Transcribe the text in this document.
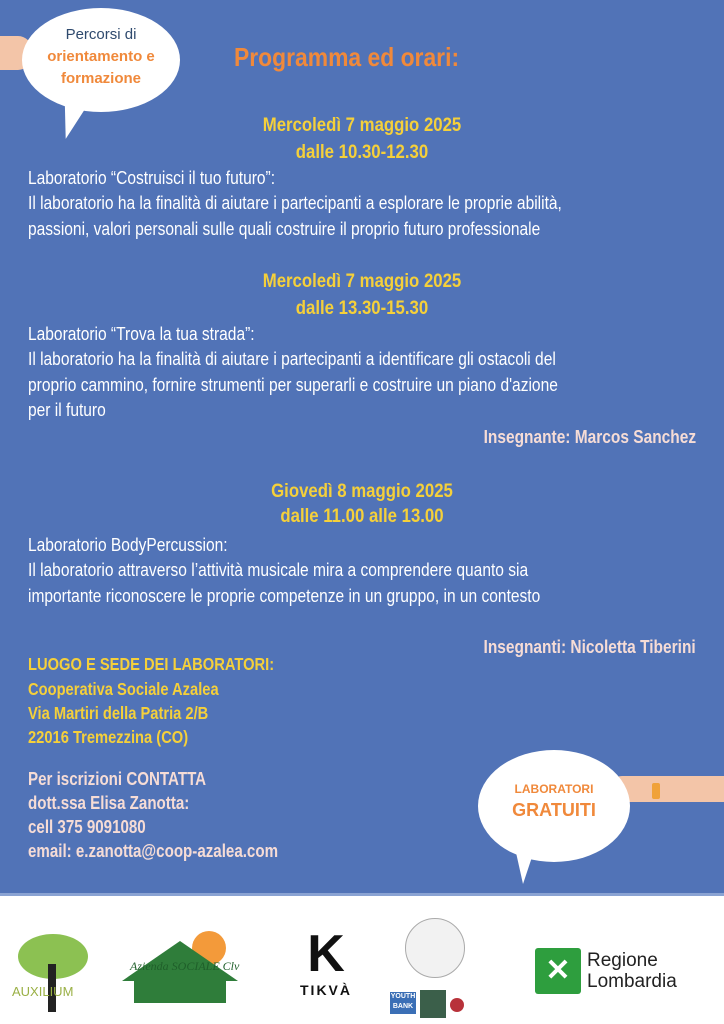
Percorsi di
orientamento e
formazione
Programma ed orari:
Mercoledì 7 maggio 2025
dalle 10.30-12.30
Laboratorio “Costruisci il tuo futuro”:
Il laboratorio ha la finalità di aiutare i partecipanti a esplorare le proprie abilità,
passioni, valori personali sulle quali costruire il proprio futuro professionale
Mercoledì 7 maggio 2025
dalle 13.30-15.30
Laboratorio “Trova la tua strada”:
Il laboratorio ha la finalità di aiutare i partecipanti a identificare gli ostacoli del
proprio cammino, fornire strumenti per superarli e costruire un piano d'azione
per il futuro
Insegnante: Marcos Sanchez
Giovedì 8 maggio 2025
dalle 11.00 alle 13.00
Laboratorio BodyPercussion:
Il laboratorio attraverso l’attività musicale mira a comprendere quanto sia
importante riconoscere le proprie competenze in un gruppo, in un contesto
Insegnanti: Nicoletta Tiberini
LUOGO E SEDE DEI LABORATORI:
Cooperativa Sociale Azalea
Via Martiri della Patria 2/B
22016 Tremezzina (CO)
Per iscrizioni CONTATTA
dott.ssa Elisa Zanotta:
cell 375 9091080
email: e.zanotta@coop-azalea.com
LABORATORI
GRATUITI
AUXILIUM
Azienda SOCIALE Clv K
TIKVÀ	YOUTH BANK
✕ Regione
Lombardia
